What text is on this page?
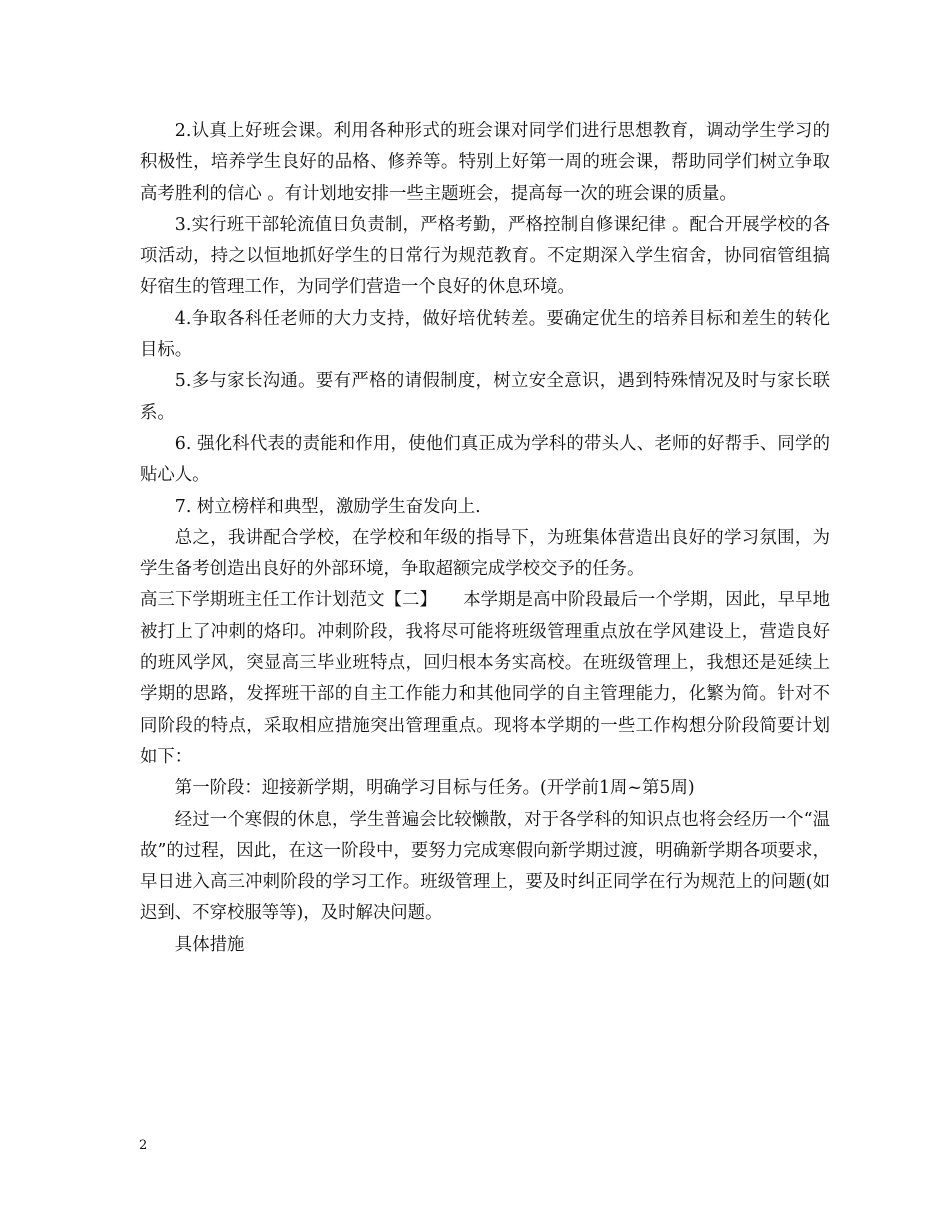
2.认真上好班会课。利用各种形式的班会课对同学们进行思想教育，调动学生学习的积极性，培养学生良好的品格、修养等。特别上好第一周的班会课，帮助同学们树立争取高考胜利的信心 。有计划地安排一些主题班会，提高每一次的班会课的质量。

3.实行班干部轮流值日负责制，严格考勤，严格控制自修课纪律 。配合开展学校的各项活动，持之以恒地抓好学生的日常行为规范教育。不定期深入学生宿舍，协同宿管组搞好宿生的管理工作，为同学们营造一个良好的休息环境。

4.争取各科任老师的大力支持，做好培优转差。要确定优生的培养目标和差生的转化目标。

5.多与家长沟通。要有严格的请假制度，树立安全意识，遇到特殊情况及时与家长联系。

6. 强化科代表的责能和作用，使他们真正成为学科的带头人、老师的好帮手、同学的贴心人。

7. 树立榜样和典型，激励学生奋发向上.

总之，我讲配合学校，在学校和年级的指导下，为班集体营造出良好的学习氛围，为学生备考创造出良好的外部环境，争取超额完成学校交予的任务。

高三下学期班主任工作计划范文【二】　　本学期是高中阶段最后一个学期，因此，早早地被打上了冲刺的烙印。冲刺阶段，我将尽可能将班级管理重点放在学风建设上，营造良好的班风学风，突显高三毕业班特点，回归根本务实高校。在班级管理上，我想还是延续上学期的思路，发挥班干部的自主工作能力和其他同学的自主管理能力，化繁为简。针对不同阶段的特点，采取相应措施突出管理重点。现将本学期的一些工作构想分阶段简要计划如下：

第一阶段：迎接新学期，明确学习目标与任务。(开学前1周~第5周)

经过一个寒假的休息，学生普遍会比较懒散，对于各学科的知识点也将会经历一个“温故”的过程，因此，在这一阶段中，要努力完成寒假向新学期过渡，明确新学期各项要求，早日进入高三冲刺阶段的学习工作。班级管理上，要及时纠正同学在行为规范上的问题(如迟到、不穿校服等等)，及时解决问题。

具体措施

2
